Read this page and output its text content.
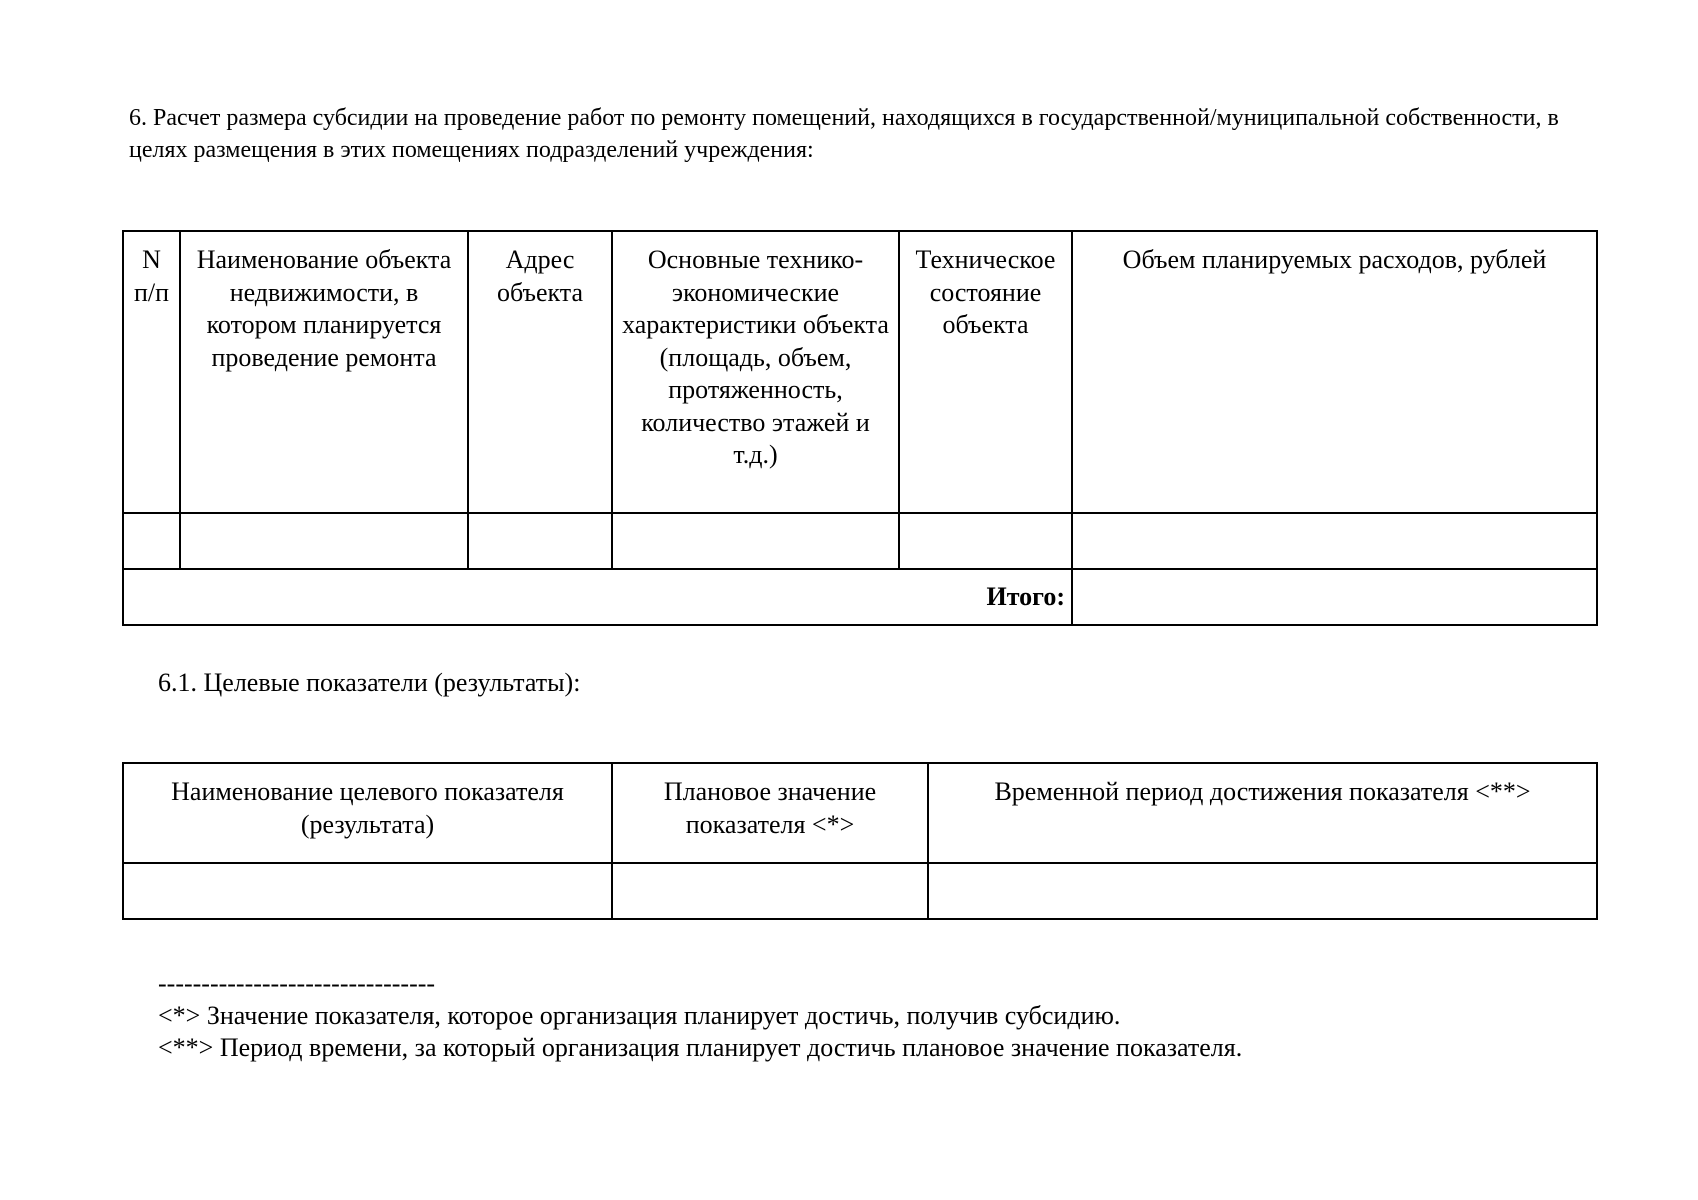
6. Расчет размера субсидии на проведение работ по ремонту помещений, находящихся в государственной/муниципальной собственности, в целях размещения в этих помещениях подразделений учреждения:

N п/п	Наименование объекта недвижимости, в котором планируется проведение ремонта	Адрес объекта	Основные технико-экономические характеристики объекта (площадь, объем, протяженность, количество этажей и т.д.)	Техническое состояние объекта	Объем планируемых расходов, рублей

Итого:					

6.1. Целевые показатели (результаты):

Наименование целевого показателя (результата)	Плановое значение показателя <*>	Временной период достижения показателя <**>

--------------------------------
<*> Значение показателя, которое организация планирует достичь, получив субсидию.
<**> Период времени, за который организация планирует достичь плановое значение показателя.
